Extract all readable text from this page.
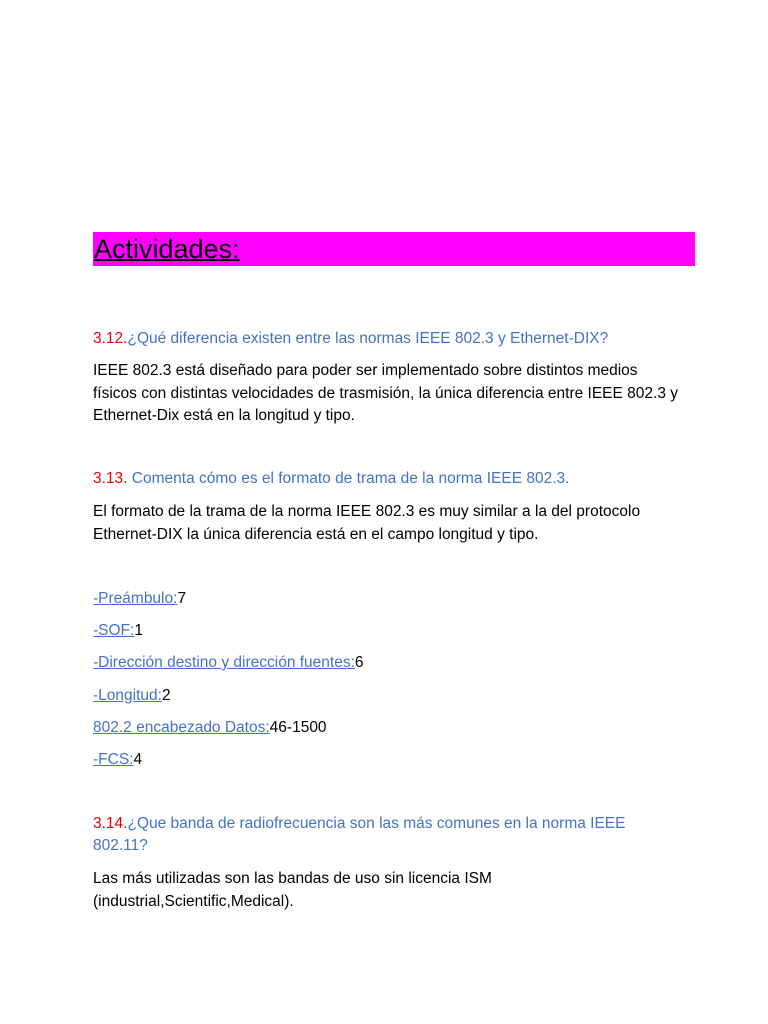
Actividades:
3.12.¿Qué diferencia existen entre las normas IEEE 802.3 y Ethernet-DIX?
IEEE 802.3 está diseñado para poder ser implementado sobre distintos medios físicos con distintas velocidades de trasmisión, la única diferencia entre IEEE 802.3 y Ethernet-Dix está en la longitud y tipo.
3.13. Comenta cómo es el formato de trama de la norma IEEE 802.3.
El formato de la trama de la norma IEEE 802.3 es muy similar a la del protocolo Ethernet-DIX la única diferencia está en el campo longitud y tipo.
-Preámbulo:7
-SOF:1
-Dirección destino y dirección fuentes:6
-Longitud:2
802.2 encabezado Datos:46-1500
-FCS:4
3.14.¿Que banda de radiofrecuencia son las más comunes en la norma IEEE 802.11?
Las más utilizadas son las bandas de uso sin licencia ISM (industrial,Scientific,Medical).
